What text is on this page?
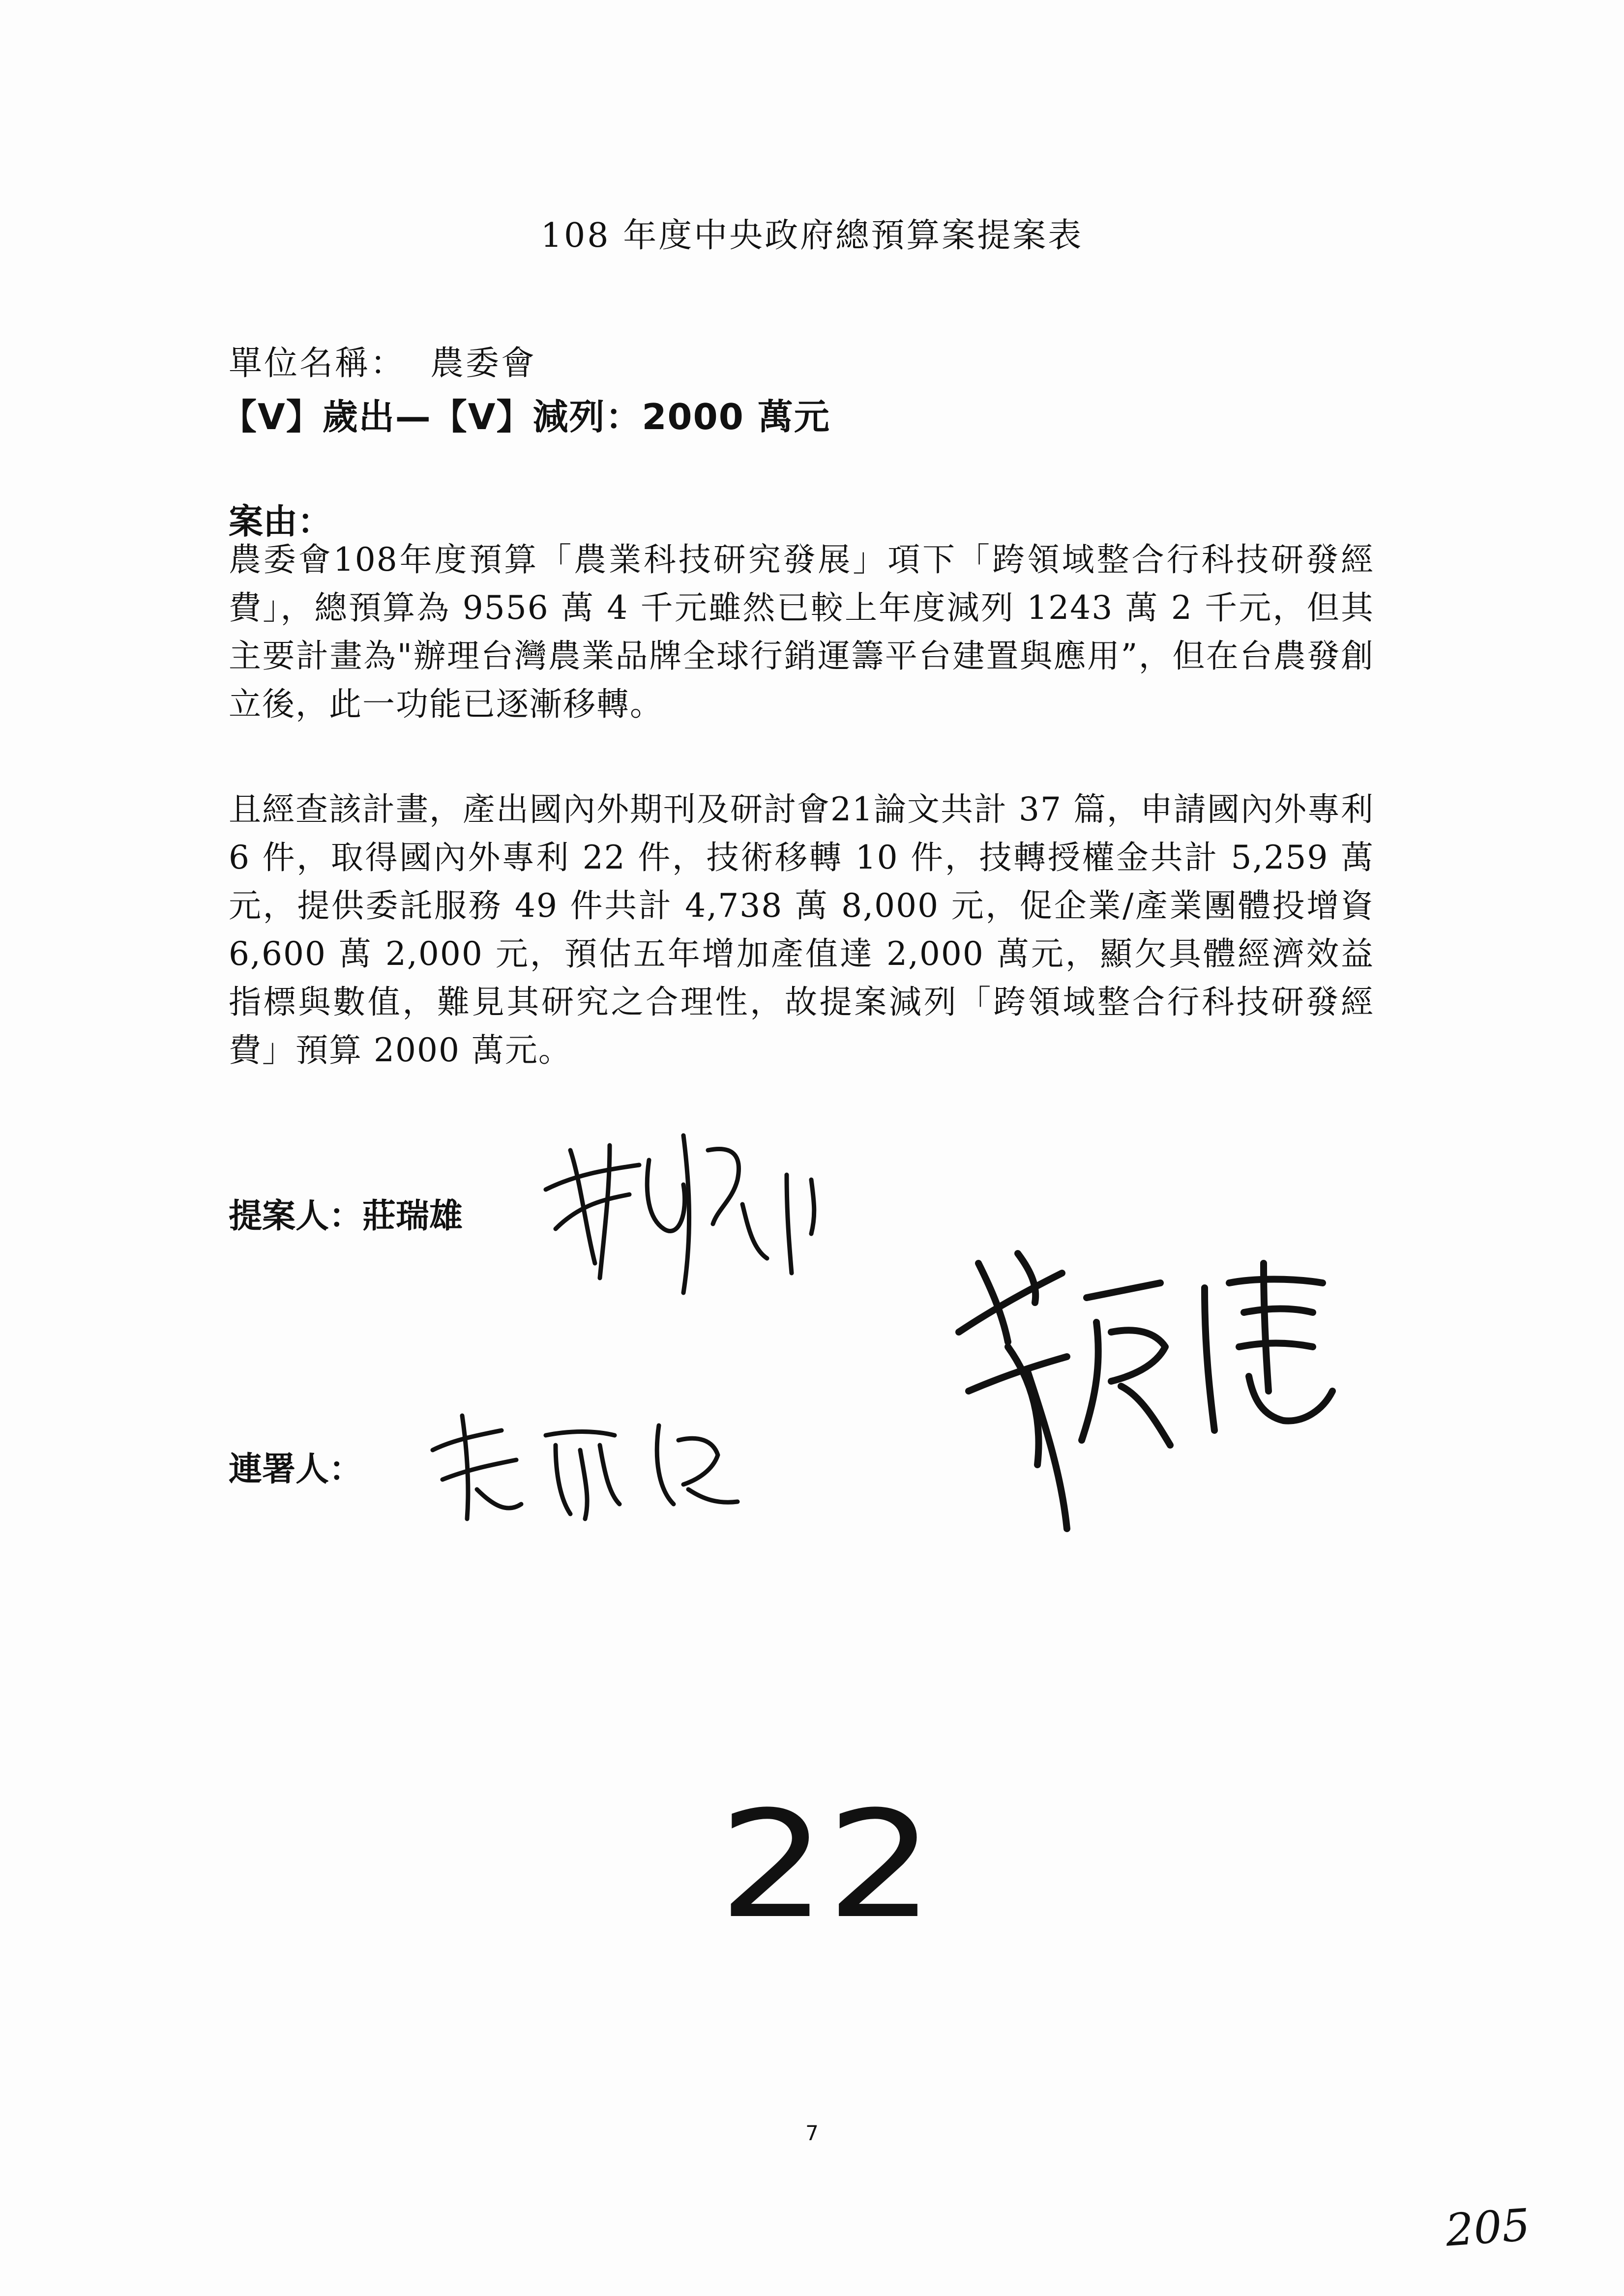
108 年度中央政府總預算案提案表
單位名稱： 農委會
【V】歲出—【V】減列：2000 萬元
案由：
農委會108年度預算「農業科技研究發展」項下「跨領域整合行科技研發經費」，總預算為 9556 萬 4 千元雖然已較上年度減列 1243 萬 2 千元，但其主要計畫為"辦理台灣農業品牌全球行銷運籌平台建置與應用”，但在台農發創立後，此一功能已逐漸移轉。
且經查該計畫，產出國內外期刊及研討會21論文共計 37 篇，申請國內外專利 6 件，取得國內外專利 22 件，技術移轉 10 件，技轉授權金共計 5,259 萬元，提供委託服務 49 件共計 4,738 萬 8,000 元，促企業/產業團體投增資 6,600 萬 2,000 元，預估五年增加產值達 2,000 萬元，顯欠具體經濟效益指標與數值，難見其研究之合理性，故提案減列「跨領域整合行科技研發經費」預算 2000 萬元。
提案人：莊瑞雄
連署人：
22
7
205
